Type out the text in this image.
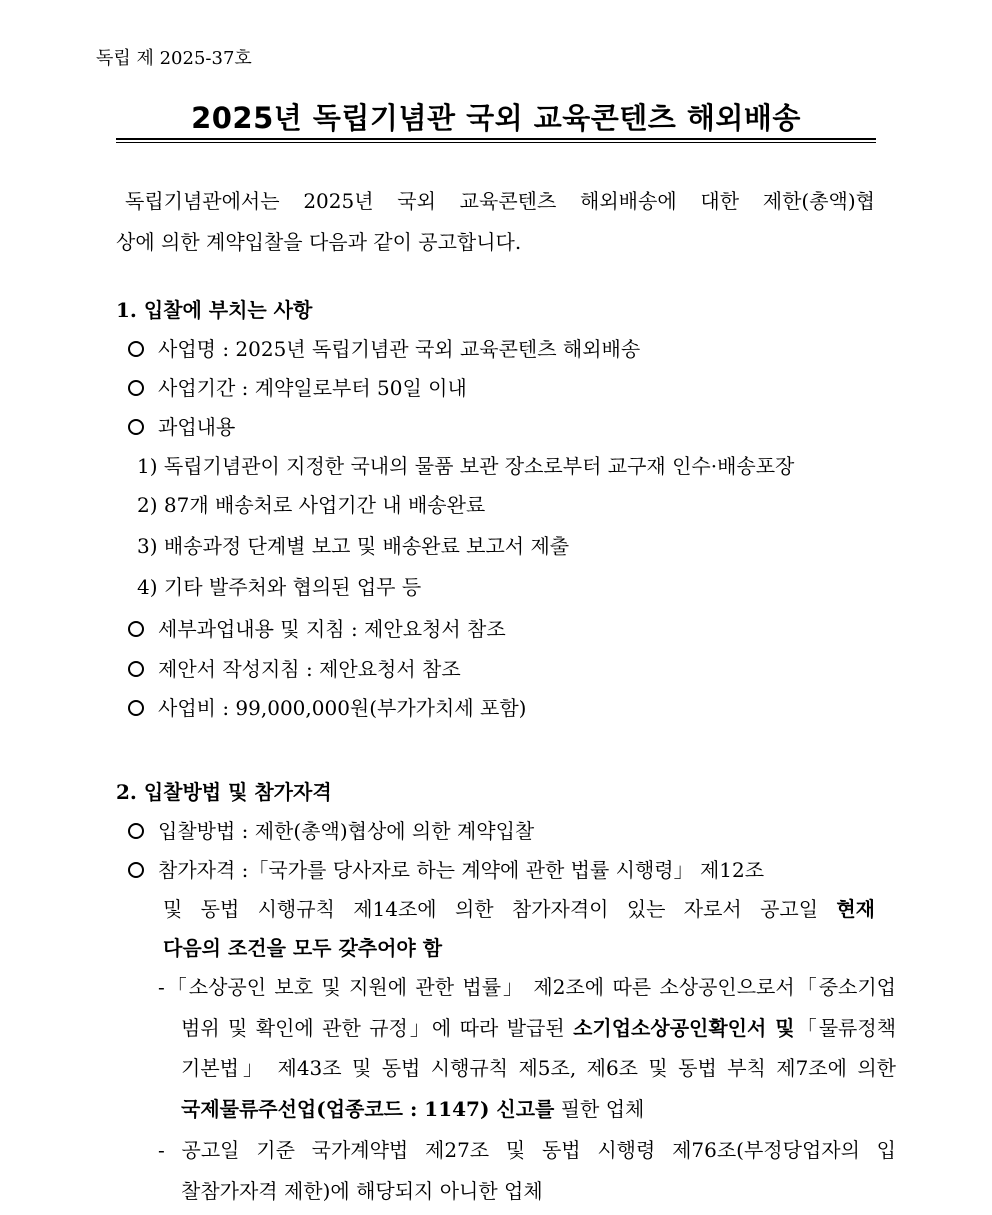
독립 제 2025-37호
2025년 독립기념관 국외 교육콘텐츠 해외배송
독립기념관에서는 2025년 국외 교육콘텐츠 해외배송에 대한 제한(총액)협
상에 의한 계약입찰을 다음과 같이 공고합니다.
1. 입찰에 부치는 사항
사업명 : 2025년 독립기념관 국외 교육콘텐츠 해외배송
사업기간 : 계약일로부터 50일 이내
과업내용
1) 독립기념관이 지정한 국내의 물품 보관 장소로부터 교구재 인수·배송포장
2) 87개 배송처로 사업기간 내 배송완료
3) 배송과정 단계별 보고 및 배송완료 보고서 제출
4) 기타 발주처와 협의된 업무 등
세부과업내용 및 지침 : 제안요청서 참조
제안서 작성지침 : 제안요청서 참조
사업비 : 99,000,000원(부가가치세 포함)
2. 입찰방법 및 참가자격
입찰방법 : 제한(총액)협상에 의한 계약입찰
참가자격 :「국가를 당사자로 하는 계약에 관한 법률 시행령」 제12조
및 동법 시행규칙 제14조에 의한 참가자격이 있는 자로서 공고일 현재
다음의 조건을 모두 갖추어야 함
-「소상공인 보호 및 지원에 관한 법률」 제2조에 따른 소상공인으로서「중소기업
범위 및 확인에 관한 규정」에 따라 발급된 소기업소상공인확인서 및「물류정책
기본법」 제43조 및 동법 시행규칙 제5조, 제6조 및 동법 부칙 제7조에 의한
국제물류주선업(업종코드 : 1147) 신고를 필한 업체
- 공고일 기준 국가계약법 제27조 및 동법 시행령 제76조(부정당업자의 입
찰참가자격 제한)에 해당되지 아니한 업체
